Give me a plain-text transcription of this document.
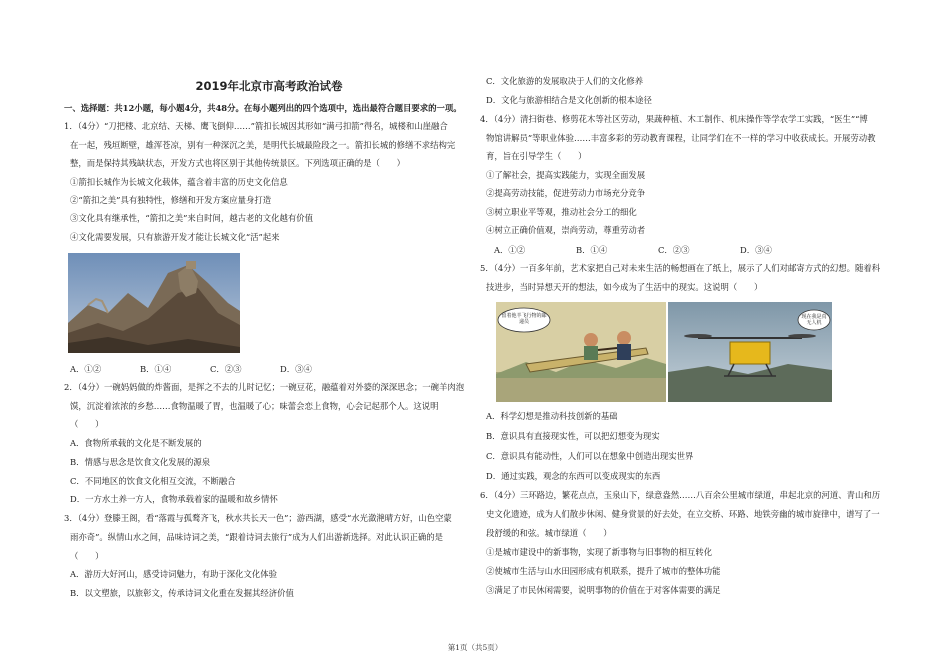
2019年北京市高考政治试卷
一、选择题：共12小题，每小题4分，共48分。在每小题列出的四个选项中，选出最符合题目要求的一项。
1．（4分）“刀把楼、北京结、天梯、鹰飞倒仰……”箭扣长城因其形如“满弓扣箭”得名，城楼和山崖融合
在一起，残垣断壁，雄浑苍凉，别有一种深沉之美，是明代长城最险段之一。箭扣长城的修缮不求结构完
整，而是保持其残缺状态，开发方式也将区别于其他传统景区。下列选项正确的是（　　）
①箭扣长城作为长城文化载体，蕴含着丰富的历史文化信息
②“箭扣之美”具有独特性，修缮和开发方案应量身打造
③文化具有继承性，“箭扣之美”来自时间，越古老的文化越有价值
④文化需要发展，只有旅游开发才能让长城文化“活”起来
A．①②	B．①④	C．②③	D．③④
2．（4分）一碗妈妈做的炸酱面，是挥之不去的儿时记忆；一碗豆花，融蕴着对外婆的深深思念；一碗羊肉泡
馍，沉淀着浓浓的乡愁……食物温暖了胃，也温暖了心；味蕾会恋上食物，心会记起那个人。这说明
（　　）
A．食物所承载的文化是不断发展的
B．情感与思念是饮食文化发展的源泉
C．不同地区的饮食文化相互交流，不断融合
D．一方水土养一方人，食物承载着家的温暖和故乡情怀
3．（4分）登滕王阁，看“落霞与孤鹜齐飞，秋水共长天一色”；游西湖，感受“水光潋滟晴方好，山色空蒙
雨亦奇”。纵情山水之间，品味诗词之美，“跟着诗词去旅行”成为人们出游新选择。对此认识正确的是
（　　）
A．游历大好河山，感受诗词魅力，有助于深化文化体验
B．以文塑旅，以旅彰文，传承诗词文化重在发掘其经济价值
C．文化旅游的发展取决于人们的文化修养
D．文化与旅游相结合是文化创新的根本途径
4．（4分）清扫街巷、修剪花木等社区劳动，果蔬种植、木工制作、机床操作等学农学工实践，“医生”“博
物馆讲解员”等职业体验……丰富多彩的劳动教育课程，让同学们在不一样的学习中收获成长。开展劳动教
育，旨在引导学生（　　）
①了解社会，提高实践能力，实现全面发展
②提高劳动技能，促进劳动力市场充分竞争
③树立职业平等观，推动社会分工的细化
④树立正确价值观，崇尚劳动，尊重劳动者
A．①②	B．①④	C．②③	D．③④
5．（4分）一百多年前，艺术家把自己对未来生活的畅想画在了纸上，展示了人们对邮寄方式的幻想。随着科
技进步，当时异想天开的想法，如今成为了生活中的现实。这说明（　　）
留着他羊飞行物的邮递员
现在我是真无人机
A．科学幻想是推动科技创新的基础
B．意识具有直接现实性，可以把幻想变为现实
C．意识具有能动性，人们可以在想象中创造出现实世界
D．通过实践，观念的东西可以变成现实的东西
6．（4分）三环路边，繁花点点，玉泉山下，绿意盎然……八百余公里城市绿道，串起北京的河道、青山和历
史文化遗迹，成为人们散步休闲、健身赏景的好去处，在立交桥、环路、地铁旁幽的城市旋律中，谱写了一
段舒缓的和弦。城市绿道（　　）
①是城市建设中的新事物，实现了新事物与旧事物的相互转化
②使城市生活与山水田园形成有机联系，提升了城市的整体功能
③满足了市民休闲需要，说明事物的价值在于对客体需要的满足
第1页（共5页）
